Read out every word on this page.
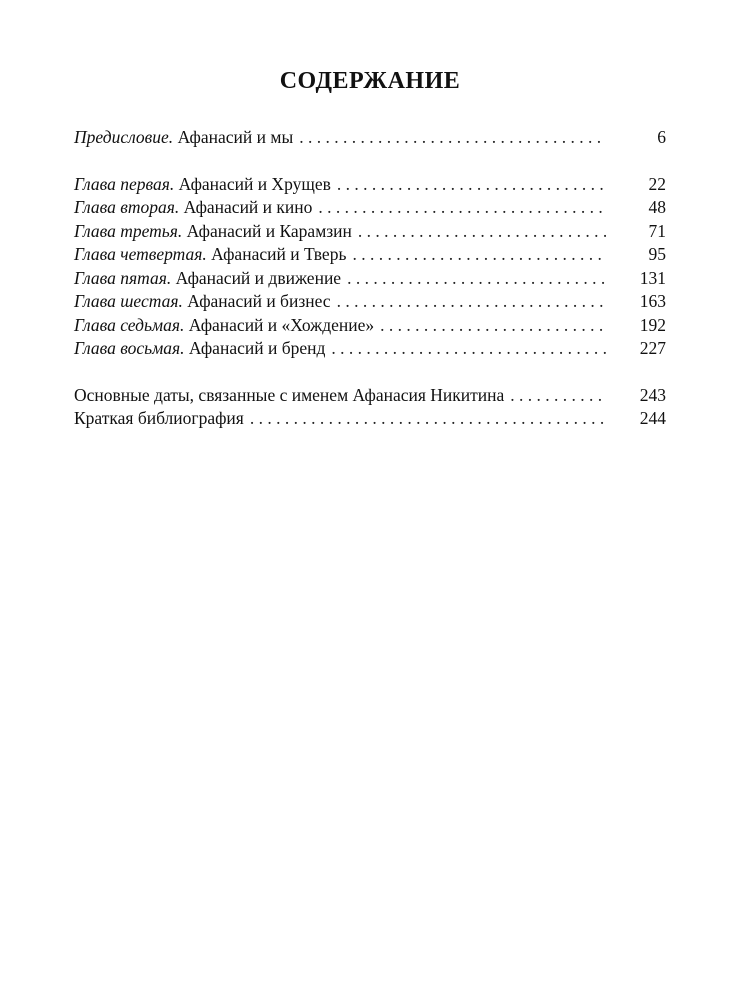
СОДЕРЖАНИЕ
Предисловие. Афанасий и мы . . .	6
Глава первая. Афанасий и Хрущев . . .	22
Глава вторая. Афанасий и кино . . .	48
Глава третья. Афанасий и Карамзин . . .	71
Глава четвертая. Афанасий и Тверь . . .	95
Глава пятая. Афанасий и движение . . .	131
Глава шестая. Афанасий и бизнес . . .	163
Глава седьмая. Афанасий и «Хождение» . . .	192
Глава восьмая. Афанасий и бренд . . .	227
Основные даты, связанные с именем Афанасия Никитина . . .	243
Краткая библиография . . .	244
